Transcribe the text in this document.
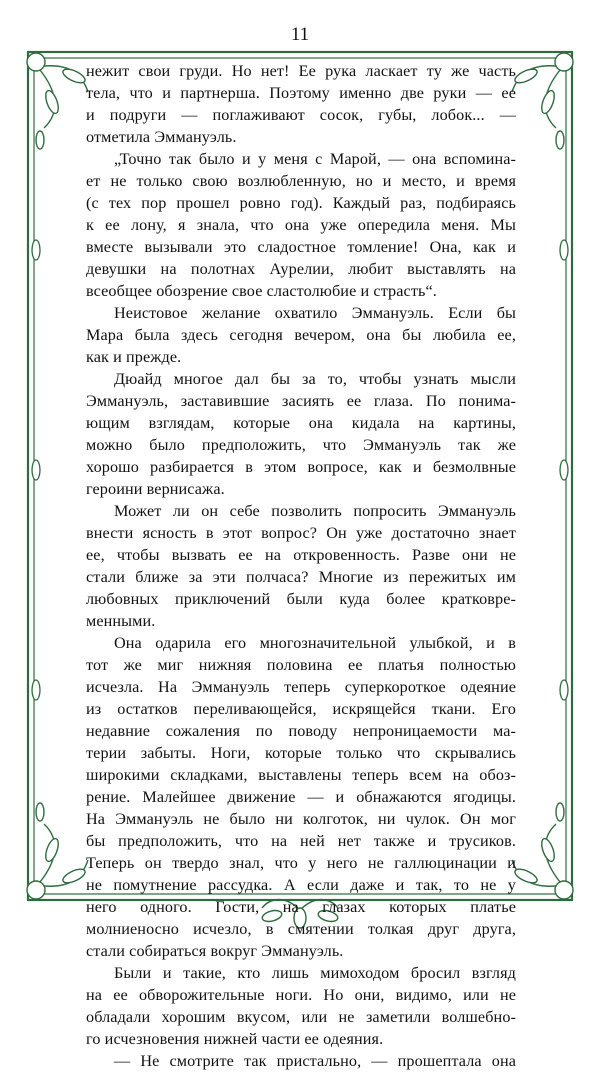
11
нежит свои груди. Но нет! Ее рука ласкает ту же часть
тела, что и партнерша. Поэтому именно две руки — ее
и подруги — поглаживают сосок, губы, лобок... —
отметила Эммануэль.
„Точно так было и у меня с Марой, — она вспомина-
ет не только свою возлюбленную, но и место, и время
(с тех пор прошел ровно год). Каждый раз, подбираясь
к ее лону, я знала, что она уже опередила меня. Мы
вместе вызывали это сладостное томление! Она, как и
девушки на полотнах Аурелии, любит выставлять на
всеобщее обозрение свое сластолюбие и страсть“.
Неистовое желание охватило Эммануэль. Если бы
Мара была здесь сегодня вечером, она бы любила ее,
как и прежде.
Дюайд многое дал бы за то, чтобы узнать мысли
Эммануэль, заставившие засиять ее глаза. По понима-
ющим взглядам, которые она кидала на картины,
можно было предположить, что Эммануэль так же
хорошо разбирается в этом вопросе, как и безмолвные
героини вернисажа.
Может ли он себе позволить попросить Эммануэль
внести ясность в этот вопрос? Он уже достаточно знает
ее, чтобы вызвать ее на откровенность. Разве они не
стали ближе за эти полчаса? Многие из пережитых им
любовных приключений были куда более кратковре-
менными.
Она одарила его многозначительной улыбкой, и в
тот же миг нижняя половина ее платья полностью
исчезла. На Эммануэль теперь суперкороткое одеяние
из остатков переливающейся, искрящейся ткани. Его
недавние сожаления по поводу непроницаемости ма-
терии забыты. Ноги, которые только что скрывались
широкими складками, выставлены теперь всем на обоз-
рение. Малейшее движение — и обнажаются ягодицы.
На Эммануэль не было ни колготок, ни чулок. Он мог
бы предположить, что на ней нет также и трусиков.
Теперь он твердо знал, что у него не галлюцинации и
не помутнение рассудка. А если даже и так, то не у
него одного. Гости, на глазах которых платье
молниеносно исчезло, в смятении толкая друг друга,
стали собираться вокруг Эммануэль.
Были и такие, кто лишь мимоходом бросил взгляд
на ее обворожительные ноги. Но они, видимо, или не
обладали хорошим вкусом, или не заметили волшебно-
го исчезновения нижней части ее одеяния.
— Не смотрите так пристально, — прошептала она
